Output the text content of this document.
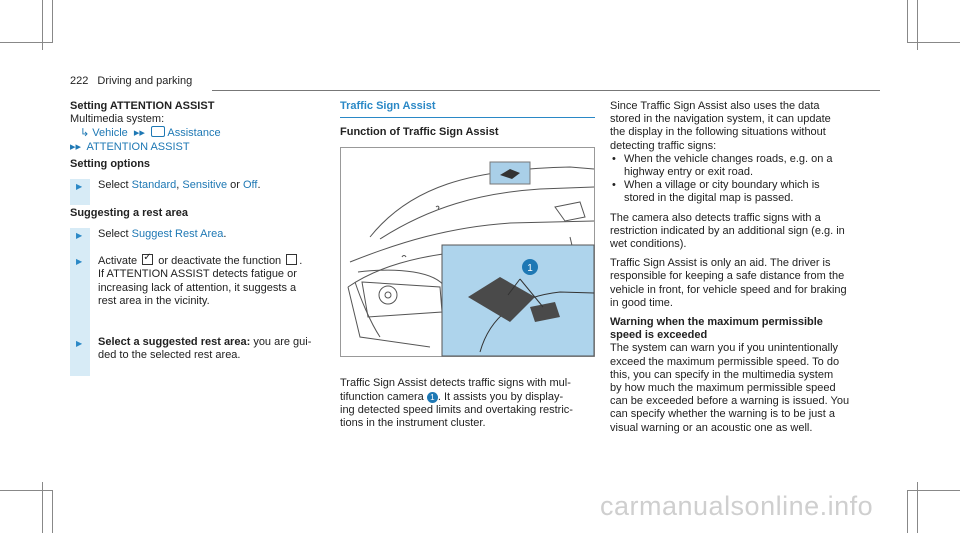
222 Driving and parking
Setting ATTENTION ASSIST
Multimedia system:
↳ Vehicle ▸▸ Assistance
▸▸ ATTENTION ASSIST
Setting options
▶ Select Standard, Sensitive or Off.
Suggesting a rest area
▶ Select Suggest Rest Area.
▶ Activate ✓ or deactivate the function .
If ATTENTION ASSIST detects fatigue or
increasing lack of attention, it suggests a
rest area in the vicinity.
▶ Select a suggested rest area: you are gui-
ded to the selected rest area.
Traffic Sign Assist
Function of Traffic Sign Assist
1
Traffic Sign Assist detects traffic signs with mul-
tifunction camera 1 . It assists you by display-
ing detected speed limits and overtaking restric-
tions in the instrument cluster.
Since Traffic Sign Assist also uses the data
stored in the navigation system, it can update
the display in the following situations without
detecting traffic signs:
• When the vehicle changes roads, e.g. on a
highway entry or exit road.
• When a village or city boundary which is
stored in the digital map is passed.
The camera also detects traffic signs with a
restriction indicated by an additional sign (e.g. in
wet conditions).
Traffic Sign Assist is only an aid. The driver is
responsible for keeping a safe distance from the
vehicle in front, for vehicle speed and for braking
in good time.
Warning when the maximum permissible
speed is exceeded
The system can warn you if you unintentionally
exceed the maximum permissible speed. To do
this, you can specify in the multimedia system
by how much the maximum permissible speed
can be exceeded before a warning is issued. You
can specify whether the warning is to be just a
visual warning or an acoustic one as well.
carmanualsonline.info
